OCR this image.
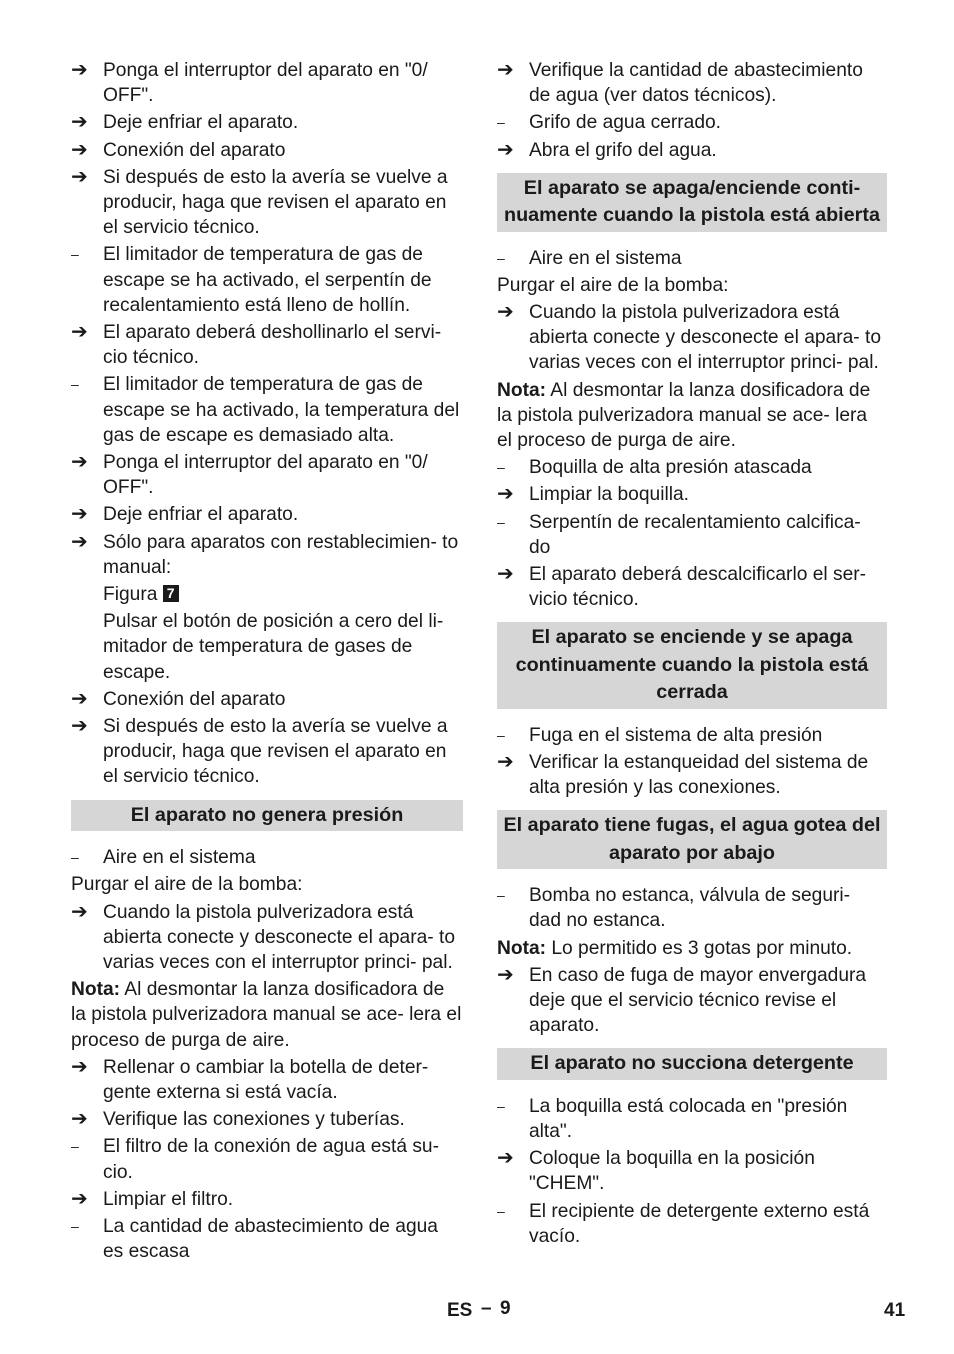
➔ Ponga el interruptor del aparato en "0/ OFF".
➔ Deje enfriar el aparato.
➔ Conexión del aparato
➔ Si después de esto la avería se vuelve a producir, haga que revisen el aparato en el servicio técnico.
–	El limitador de temperatura de gas de escape se ha activado, el serpentín de recalentamiento está lleno de hollín.
➔ El aparato deberá deshollinarlo el servi- cio técnico.
–	El limitador de temperatura de gas de escape se ha activado, la temperatura del gas de escape es demasiado alta.
➔ Ponga el interruptor del aparato en "0/ OFF".
➔ Deje enfriar el aparato.
➔ Sólo para aparatos con restablecimien- to manual:
Figura 7
Pulsar el botón de posición a cero del li- mitador de temperatura de gases de escape.
➔ Conexión del aparato
➔ Si después de esto la avería se vuelve a producir, haga que revisen el aparato en el servicio técnico.
El aparato no genera presión
–	Aire en el sistema
Purgar el aire de la bomba:
➔ Cuando la pistola pulverizadora está abierta conecte y desconecte el apara- to varias veces con el interruptor princi- pal.
Nota: Al desmontar la lanza dosificadora de la pistola pulverizadora manual se ace- lera el proceso de purga de aire.
➔ Rellenar o cambiar la botella de deter- gente externa si está vacía.
➔ Verifique las conexiones y tuberías.
–	El filtro de la conexión de agua está su- cio.
➔ Limpiar el filtro.
–	La cantidad de abastecimiento de agua es escasa
➔ Verifique la cantidad de abastecimiento de agua (ver datos técnicos).
–	Grifo de agua cerrado.
➔ Abra el grifo del agua.
El aparato se apaga/enciende conti- nuamente cuando la pistola está abierta
–	Aire en el sistema
Purgar el aire de la bomba:
➔ Cuando la pistola pulverizadora está abierta conecte y desconecte el apara- to varias veces con el interruptor princi- pal.
Nota: Al desmontar la lanza dosificadora de la pistola pulverizadora manual se ace- lera el proceso de purga de aire.
–	Boquilla de alta presión atascada
➔ Limpiar la boquilla.
–	Serpentín de recalentamiento calcifica- do
➔ El aparato deberá descalcificarlo el ser- vicio técnico.
El aparato se enciende y se apaga continuamente cuando la pistola está cerrada
–	Fuga en el sistema de alta presión
➔ Verificar la estanqueidad del sistema de alta presión y las conexiones.
El aparato tiene fugas, el agua gotea del aparato por abajo
–	Bomba no estanca, válvula de seguri- dad no estanca.
Nota: Lo permitido es 3 gotas por minuto.
➔ En caso de fuga de mayor envergadura deje que el servicio técnico revise el aparato.
El aparato no succiona detergente
–	La boquilla está colocada en "presión alta".
➔ Coloque la boquilla en la posición "CHEM".
–	El recipiente de detergente externo está vacío.
ES – 9	41
